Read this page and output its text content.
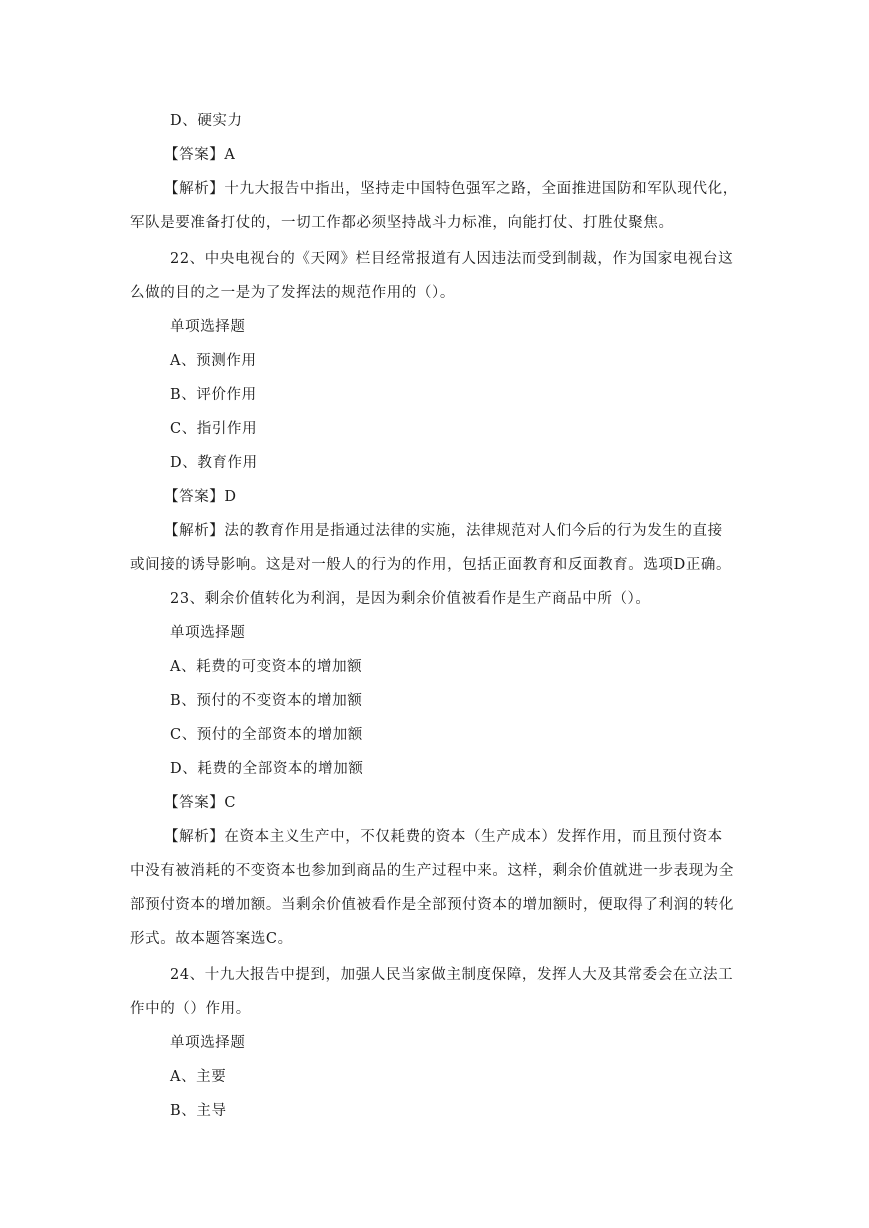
D、硬实力
【答案】A
【解析】十九大报告中指出，坚持走中国特色强军之路，全面推进国防和军队现代化，
军队是要准备打仗的，一切工作都必须坚持战斗力标准，向能打仗、打胜仗聚焦。
22、中央电视台的《天网》栏目经常报道有人因违法而受到制裁，作为国家电视台这
么做的目的之一是为了发挥法的规范作用的（）。
单项选择题
A、预测作用
B、评价作用
C、指引作用
D、教育作用
【答案】D
【解析】法的教育作用是指通过法律的实施，法律规范对人们今后的行为发生的直接
或间接的诱导影响。这是对一般人的行为的作用，包括正面教育和反面教育。选项D正确。
23、剩余价值转化为利润，是因为剩余价值被看作是生产商品中所（）。
单项选择题
A、耗费的可变资本的增加额
B、预付的不变资本的增加额
C、预付的全部资本的增加额
D、耗费的全部资本的增加额
【答案】C
【解析】在资本主义生产中，不仅耗费的资本（生产成本）发挥作用，而且预付资本
中没有被消耗的不变资本也参加到商品的生产过程中来。这样，剩余价值就进一步表现为全
部预付资本的增加额。当剩余价值被看作是全部预付资本的增加额时，便取得了利润的转化
形式。故本题答案选C。
24、十九大报告中提到，加强人民当家做主制度保障，发挥人大及其常委会在立法工
作中的（）作用。
单项选择题
A、主要
B、主导
